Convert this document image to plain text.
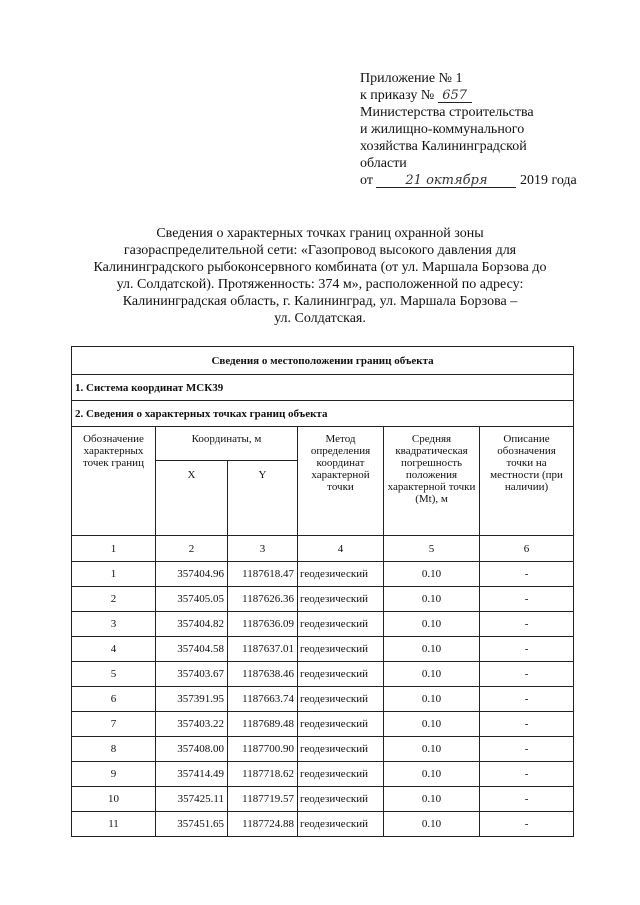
Приложение № 1
к приказу № 657
Министерства строительства
и жилищно-коммунального
хозяйства Калининградской
области
от 21 октября 2019 года
Сведения о характерных точках границ охранной зоны
газораспределительной сети: «Газопровод высокого давления для
Калининградского рыбоконсервного комбината (от ул. Маршала Борзова до
ул. Солдатской). Протяженность: 374 м», расположенной по адресу:
Калининградская область, г. Калининград, ул. Маршала Борзова –
ул. Солдатская.
Сведения о местоположении границ объекта					
1. Система координат МСК39					
2. Сведения о характерных точках границ объекта					
Обозначение характерных точек границ	Координаты, м		Метод определения координат характерной точки	Средняя квадратическая погрешность положения характерной точки (Mt), м	Описание обозначения точки на местности (при наличии)
	X	Y			
1	2	3	4	5	6
1	357404.96	1187618.47	геодезический	0.10	-
2	357405.05	1187626.36	геодезический	0.10	-
3	357404.82	1187636.09	геодезический	0.10	-
4	357404.58	1187637.01	геодезический	0.10	-
5	357403.67	1187638.46	геодезический	0.10	-
6	357391.95	1187663.74	геодезический	0.10	-
7	357403.22	1187689.48	геодезический	0.10	-
8	357408.00	1187700.90	геодезический	0.10	-
9	357414.49	1187718.62	геодезический	0.10	-
10	357425.11	1187719.57	геодезический	0.10	-
11	357451.65	1187724.88	геодезический	0.10	-
